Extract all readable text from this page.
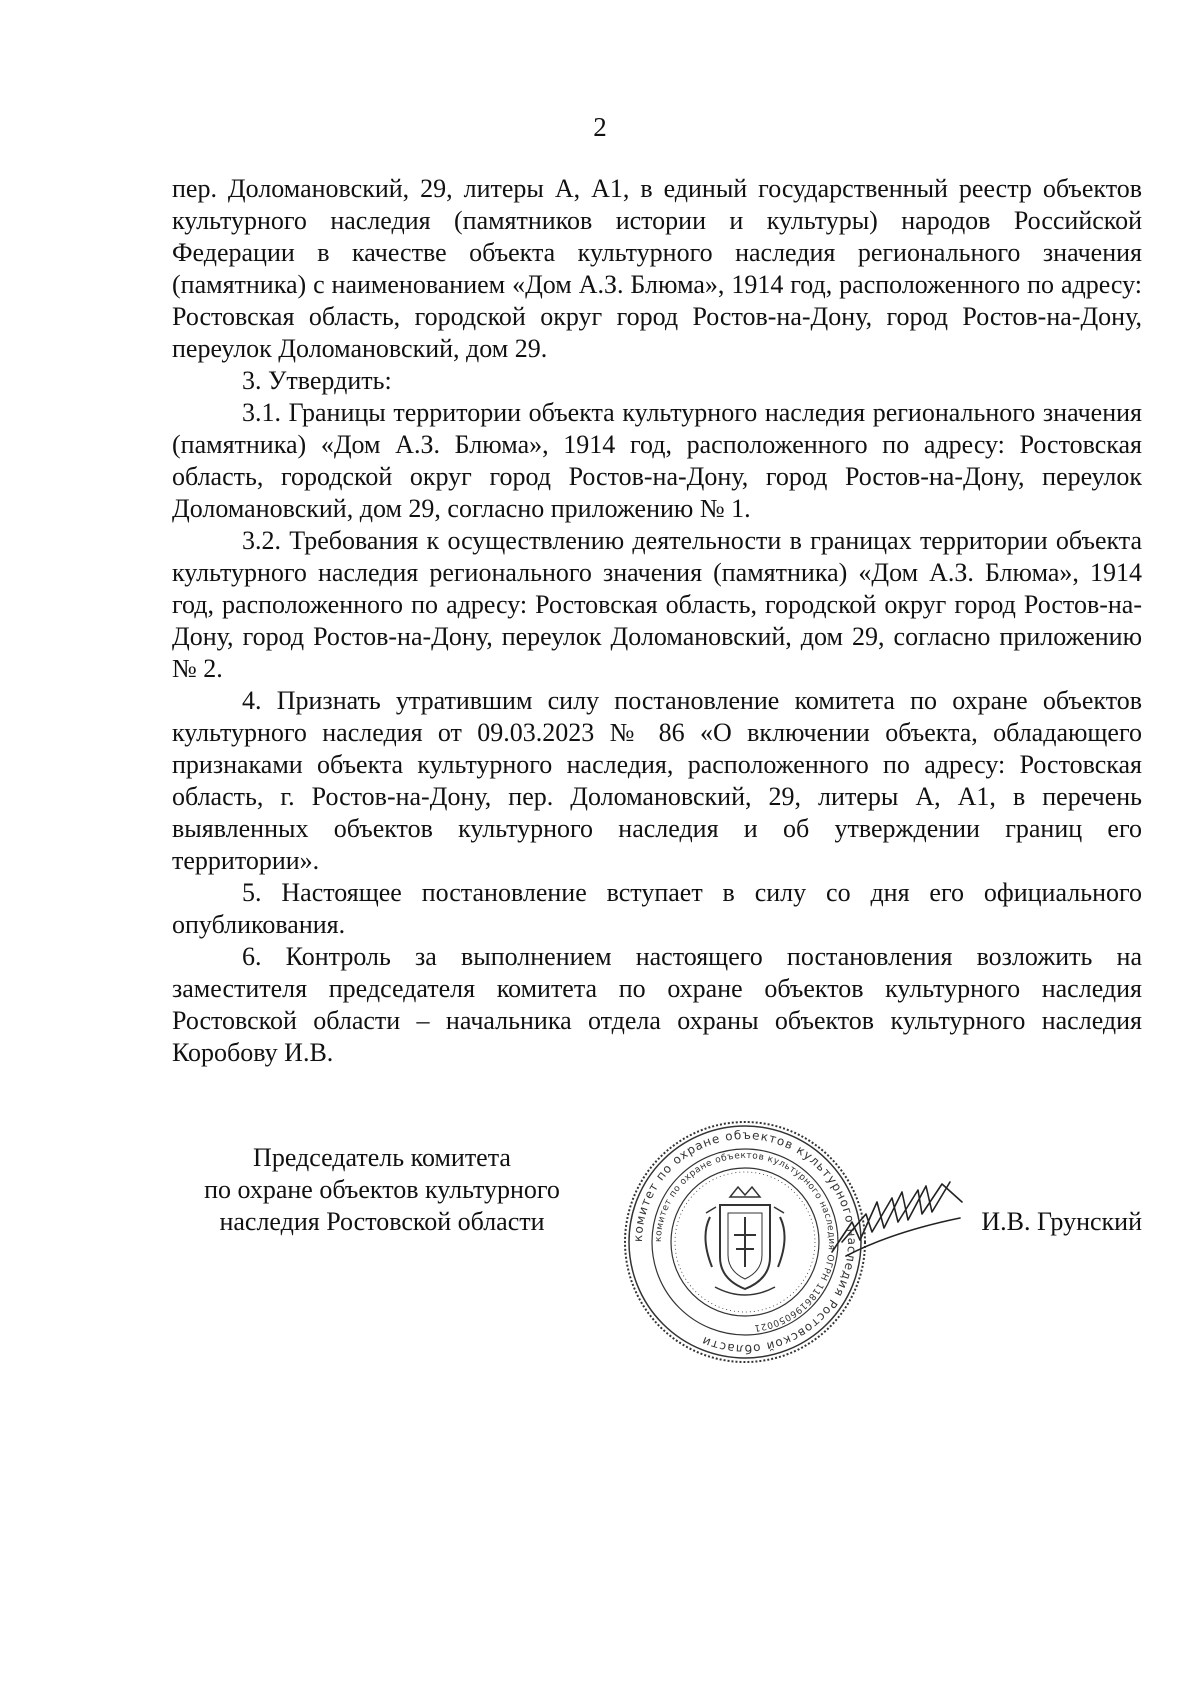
2

пер. Доломановский, 29, литеры А, А1, в единый государственный реестр объектов культурного наследия (памятников истории и культуры) народов Российской Федерации в качестве объекта культурного наследия регионального значения (памятника) с наименованием «Дом А.З. Блюма», 1914 год, расположенного по адресу: Ростовская область, городской округ город Ростов-на-Дону, город Ростов-на-Дону, переулок Доломановский, дом 29.

3. Утвердить:

3.1. Границы территории объекта культурного наследия регионального значения (памятника) «Дом А.З. Блюма», 1914 год, расположенного по адресу: Ростовская область, городской округ город Ростов-на-Дону, город Ростов-на-Дону, переулок Доломановский, дом 29, согласно приложению № 1.

3.2. Требования к осуществлению деятельности в границах территории объекта культурного наследия регионального значения (памятника) «Дом А.З. Блюма», 1914 год, расположенного по адресу: Ростовская область, городской округ город Ростов-на-Дону, город Ростов-на-Дону, переулок Доломановский, дом 29, согласно приложению № 2.

4. Признать утратившим силу постановление комитета по охране объектов культурного наследия от 09.03.2023 № 86 «О включении объекта, обладающего признаками объекта культурного наследия, расположенного по адресу: Ростовская область, г. Ростов-на-Дону, пер. Доломановский, 29, литеры А, А1, в перечень выявленных объектов культурного наследия и об утверждении границ его территории».

5. Настоящее постановление вступает в силу со дня его официального опубликования.

6. Контроль за выполнением настоящего постановления возложить на заместителя председателя комитета по охране объектов культурного наследия Ростовской области – начальника отдела охраны объектов культурного наследия Коробову И.В.

Председатель комитета
по охране объектов культурного
наследия Ростовской области
комитет по охране объектов культурного наследия Ростовской области
комитет по охране объектов культурного наследия ОГРН 1186196050021
И.В. Грунский
